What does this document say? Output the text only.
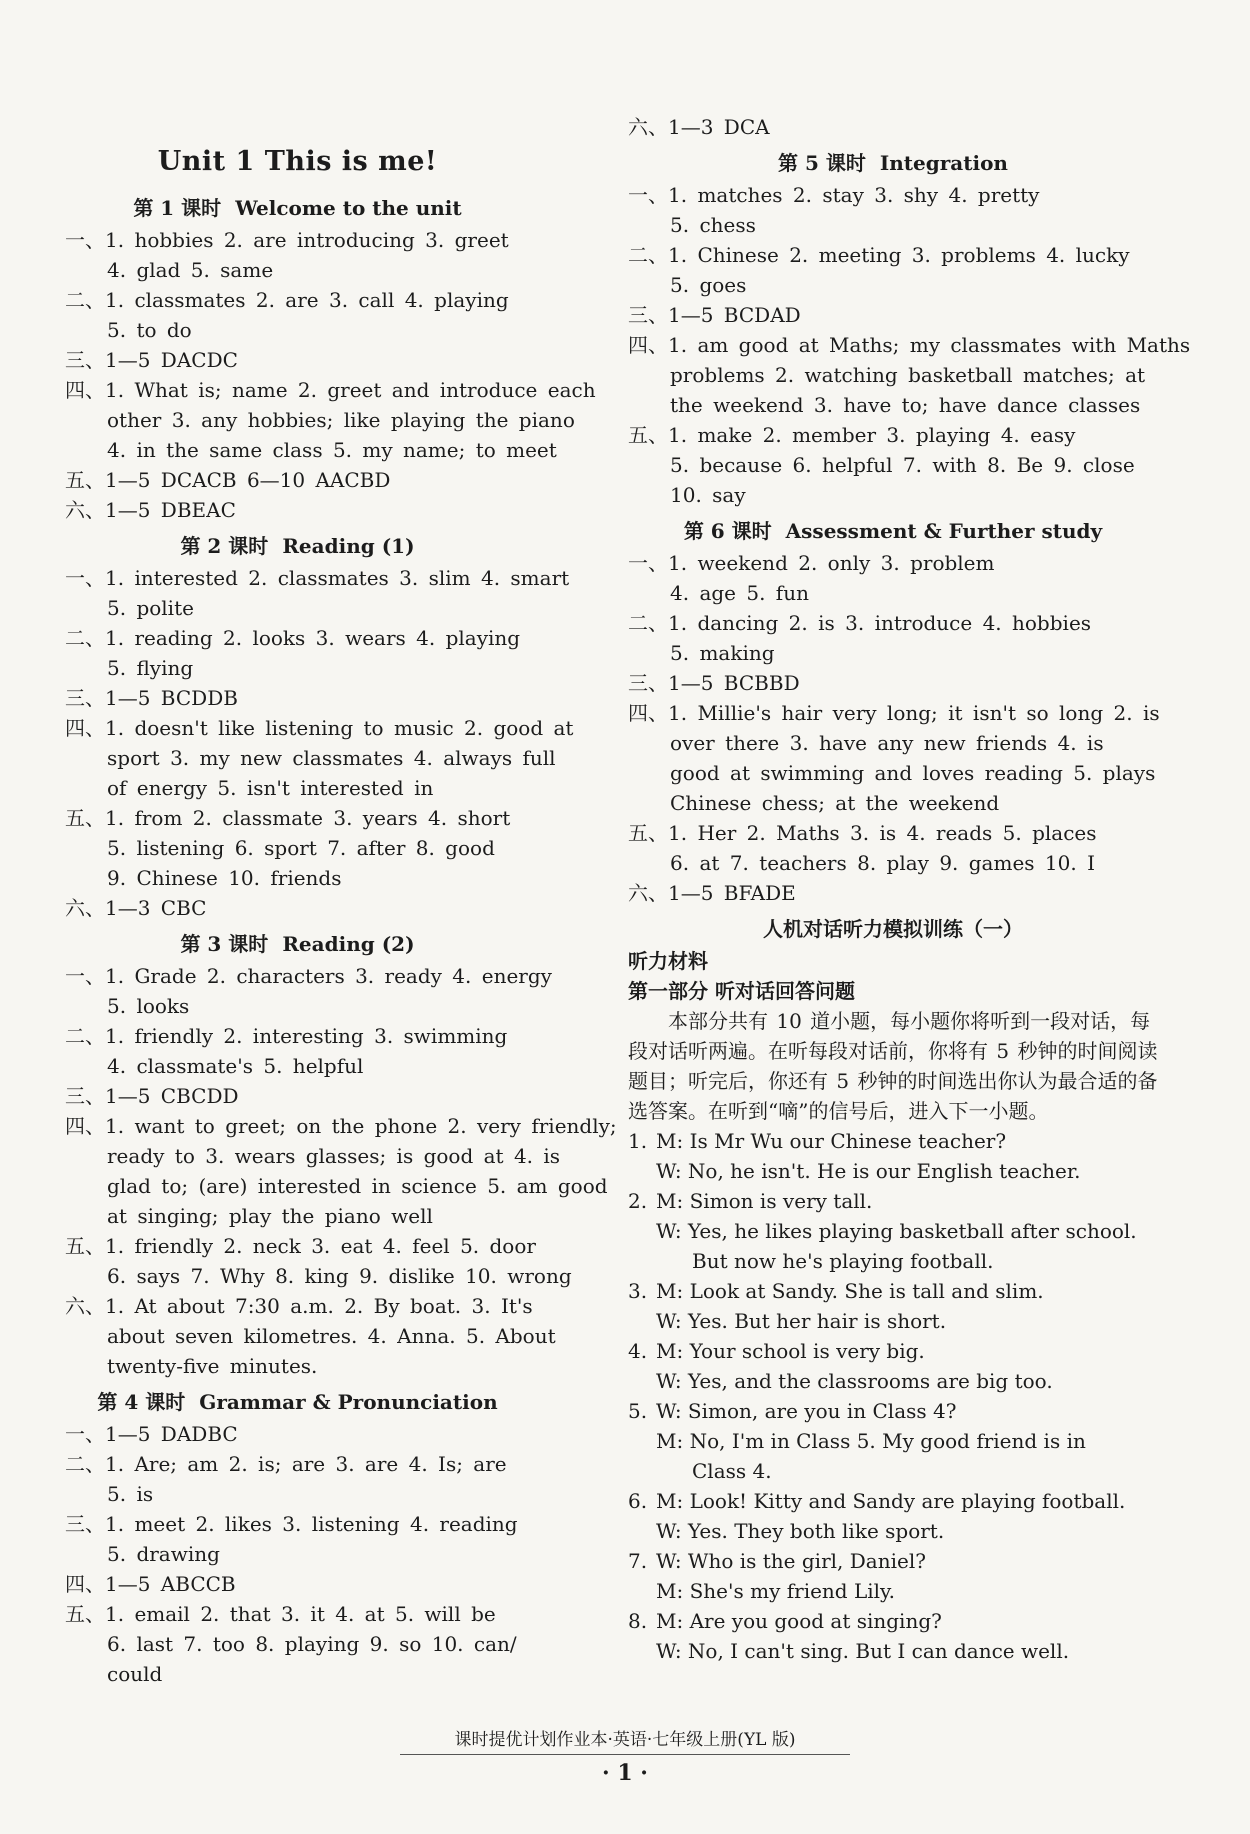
Unit 1 This is me!
第 1 课时 Welcome to the unit
一、1. hobbies 2. are introducing 3. greet
4. glad 5. same
二、1. classmates 2. are 3. call 4. playing
5. to do
三、1—5 DACDC
四、1. What is; name 2. greet and introduce each
other 3. any hobbies; like playing the piano
4. in the same class 5. my name; to meet
五、1—5 DCACB 6—10 AACBD
六、1—5 DBEAC
第 2 课时 Reading (1)
一、1. interested 2. classmates 3. slim 4. smart
5. polite
二、1. reading 2. looks 3. wears 4. playing
5. flying
三、1—5 BCDDB
四、1. doesn't like listening to music 2. good at
sport 3. my new classmates 4. always full
of energy 5. isn't interested in
五、1. from 2. classmate 3. years 4. short
5. listening 6. sport 7. after 8. good
9. Chinese 10. friends
六、1—3 CBC
第 3 课时 Reading (2)
一、1. Grade 2. characters 3. ready 4. energy
5. looks
二、1. friendly 2. interesting 3. swimming
4. classmate's 5. helpful
三、1—5 CBCDD
四、1. want to greet; on the phone 2. very friendly;
ready to 3. wears glasses; is good at 4. is
glad to; (are) interested in science 5. am good
at singing; play the piano well
五、1. friendly 2. neck 3. eat 4. feel 5. door
6. says 7. Why 8. king 9. dislike 10. wrong
六、1. At about 7:30 a.m. 2. By boat. 3. It's
about seven kilometres. 4. Anna. 5. About
twenty-five minutes.
第 4 课时 Grammar & Pronunciation
一、1—5 DADBC
二、1. Are; am 2. is; are 3. are 4. Is; are
5. is
三、1. meet 2. likes 3. listening 4. reading
5. drawing
四、1—5 ABCCB
五、1. email 2. that 3. it 4. at 5. will be
6. last 7. too 8. playing 9. so 10. can/
could
六、1—3 DCA
第 5 课时 Integration
一、1. matches 2. stay 3. shy 4. pretty
5. chess
二、1. Chinese 2. meeting 3. problems 4. lucky
5. goes
三、1—5 BCDAD
四、1. am good at Maths; my classmates with Maths
problems 2. watching basketball matches; at
the weekend 3. have to; have dance classes
五、1. make 2. member 3. playing 4. easy
5. because 6. helpful 7. with 8. Be 9. close
10. say
第 6 课时 Assessment & Further study
一、1. weekend 2. only 3. problem
4. age 5. fun
二、1. dancing 2. is 3. introduce 4. hobbies
5. making
三、1—5 BCBBD
四、1. Millie's hair very long; it isn't so long 2. is
over there 3. have any new friends 4. is
good at swimming and loves reading 5. plays
Chinese chess; at the weekend
五、1. Her 2. Maths 3. is 4. reads 5. places
6. at 7. teachers 8. play 9. games 10. I
六、1—5 BFADE
人机对话听力模拟训练（一）
听力材料
第一部分 听对话回答问题
本部分共有 10 道小题，每小题你将听到一段对话，每段对话听两遍。在听每段对话前，你将有 5 秒钟的时间阅读题目；听完后，你还有 5 秒钟的时间选出你认为最合适的备选答案。在听到“嘀”的信号后，进入下一小题。
1. M: Is Mr Wu our Chinese teacher?
W: No, he isn't. He is our English teacher.
2. M: Simon is very tall.
W: Yes, he likes playing basketball after school.
But now he's playing football.
3. M: Look at Sandy. She is tall and slim.
W: Yes. But her hair is short.
4. M: Your school is very big.
W: Yes, and the classrooms are big too.
5. W: Simon, are you in Class 4?
M: No, I'm in Class 5. My good friend is in
Class 4.
6. M: Look! Kitty and Sandy are playing football.
W: Yes. They both like sport.
7. W: Who is the girl, Daniel?
M: She's my friend Lily.
8. M: Are you good at singing?
W: No, I can't sing. But I can dance well.
课时提优计划作业本·英语·七年级上册(YL 版)
· 1 ·
